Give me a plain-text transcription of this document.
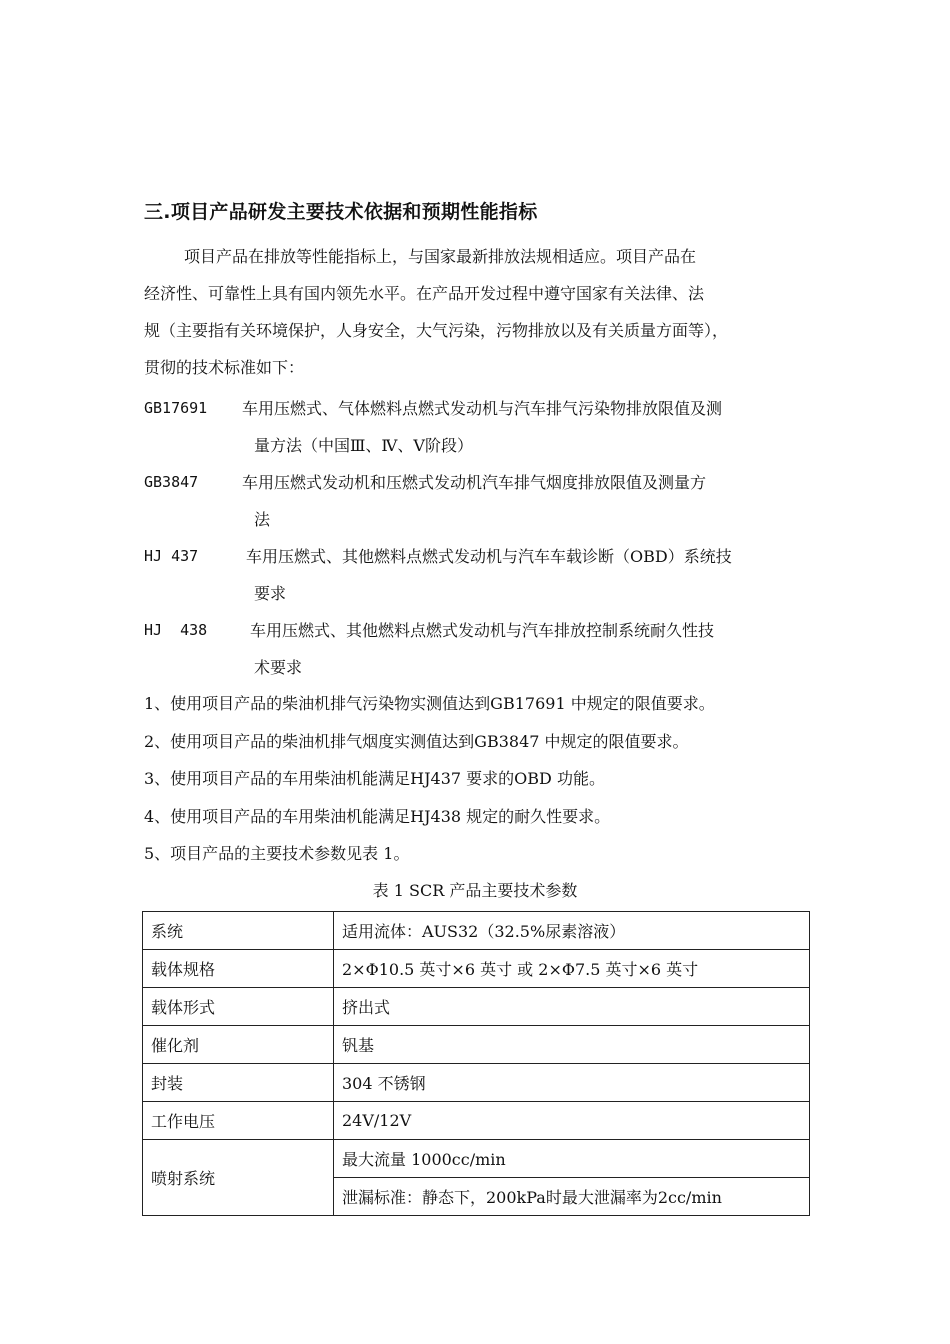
三.项目产品研发主要技术依据和预期性能指标

项目产品在排放等性能指标上，与国家最新排放法规相适应。项目产品在

经济性、可靠性上具有国内领先水平。在产品开发过程中遵守国家有关法律、法

规（主要指有关环境保护，人身安全，大气污染，污物排放以及有关质量方面等），

贯彻的技术标准如下：

GB17691 车用压燃式、气体燃料点燃式发动机与汽车排气污染物排放限值及测
量方法（中国Ⅲ、Ⅳ、Ⅴ阶段）
GB3847	车用压燃式发动机和压燃式发动机汽车排气烟度排放限值及测量方
法
HJ 437	车用压燃式、其他燃料点燃式发动机与汽车车载诊断（OBD）系统技
要求
HJ  438	车用压燃式、其他燃料点燃式发动机与汽车排放控制系统耐久性技
术要求

1、使用项目产品的柴油机排气污染物实测值达到GB17691 中规定的限值要求。

2、使用项目产品的柴油机排气烟度实测值达到GB3847 中规定的限值要求。

3、使用项目产品的车用柴油机能满足HJ437 要求的OBD 功能。

4、使用项目产品的车用柴油机能满足HJ438 规定的耐久性要求。

5、项目产品的主要技术参数见表 1。

表 1 SCR 产品主要技术参数
系统	适用流体：AUS32（32.5%尿素溶液）
载体规格	2×Φ10.5 英寸×6 英寸 或 2×Φ7.5 英寸×6 英寸
载体形式	挤出式
催化剂	钒基
封装	304 不锈钢
工作电压	24V/12V
喷射系统	最大流量 1000cc/min
	泄漏标准：静态下，200kPa时最大泄漏率为2cc/min
